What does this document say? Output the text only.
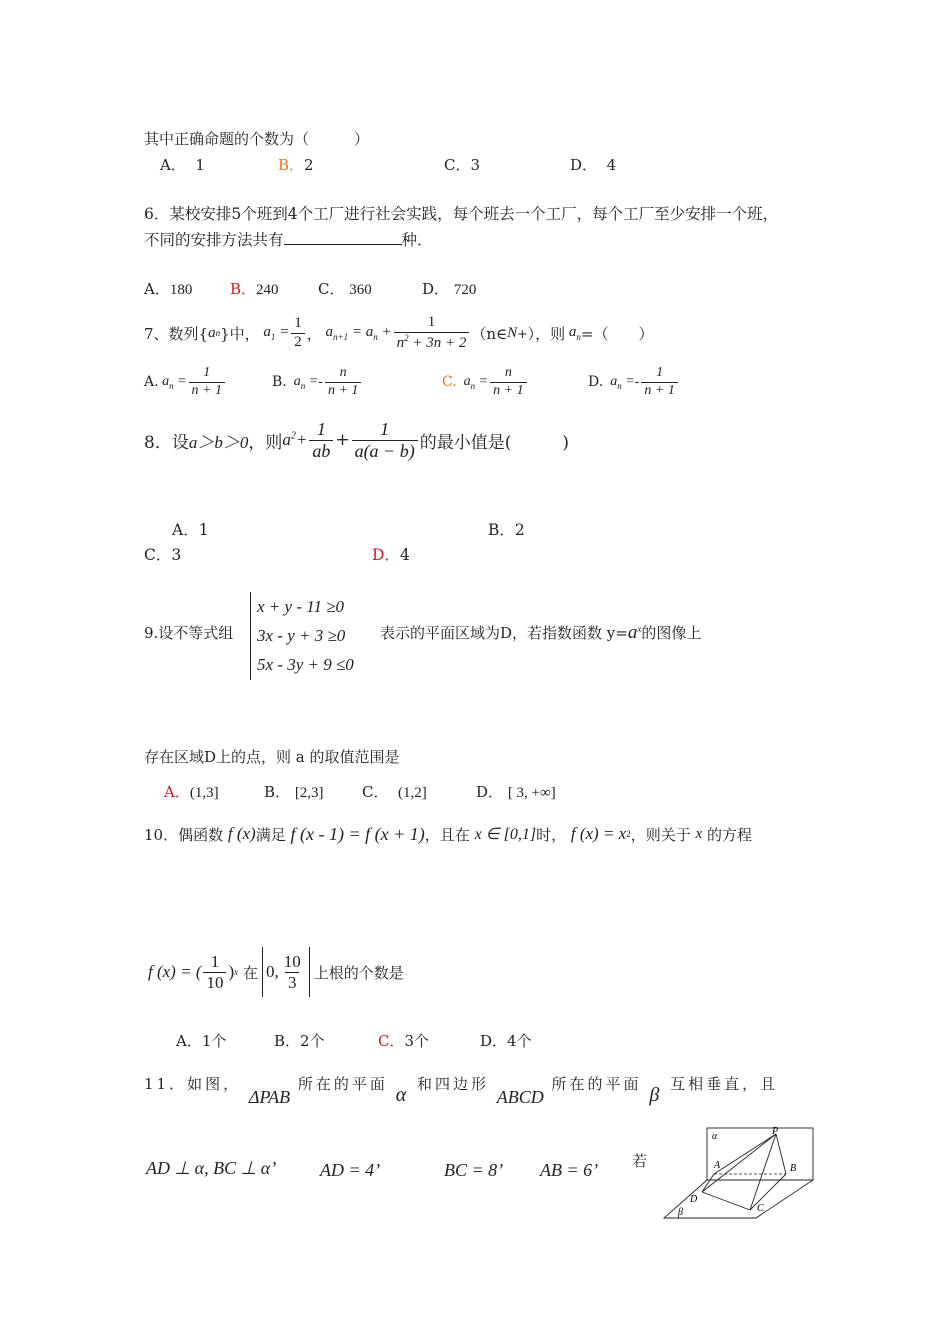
其中正确命题的个数为（　　　）
A． 1	B．2	C．3	D． 4
6．某校安排5个班到4个工厂进行社会实践，每个班去一个工厂，每个工厂至少安排一个班，
不同的安排方法共有	种．
A．180	B．240	C． 360	D． 720
7、数列{ a n }中， $a_1 = \frac{1}{2}$ ， $a_{n+1} = a_n + \frac{1}{n^2 + 3n + 2}$ （n∈ N + ），则 $a_n$ =（　　）
A. $a_n = \frac{1}{n + 1}$	B. $a_n$ = - $\frac{n}{n + 1}$	C. $a_n = \frac{n}{n + 1}$	D. $a_n$ = - $\frac{1}{n + 1}$
8．设 a＞b＞0 ，则 $a^2+ \frac{1}{ab} + \frac{1}{a(a - b)}$ 的最小值是(　　　)
A．1	B．2
C．3	D．4
9.设不等式组
x + y - 11 ≥0
3x - y + 3 ≥0
5x - 3y + 9 ≤0
表示的平面区域为D，若指数函数 $y=a^x$的图像上
存在区域D上的点，则 a 的取值范围是
A．(1,3]	B． [2,3]	C． (1,2]	D． [ 3, +∞]
10．偶函数
f (x) 满足
f (x - 1) = f (x + 1) ，且在
x ∈ [0,1] 时，
f (x) = x 2 ，则关于
x
的方程
f (x) = ( $\frac{1}{10}$ ) x
在 0, $\frac{10}{3}$ 上根的个数是
A．1个	B．2个	C．3个	D．4个
11．如图， ΔPAB 所在的平面 α 和四边形 ABCD 所在的平面 β 互相垂直，且
AD ⊥ α, BC ⊥ α’ AD = 4’	BC = 8’ AB = 6’ 若
α
β
P
A	B
C
D
